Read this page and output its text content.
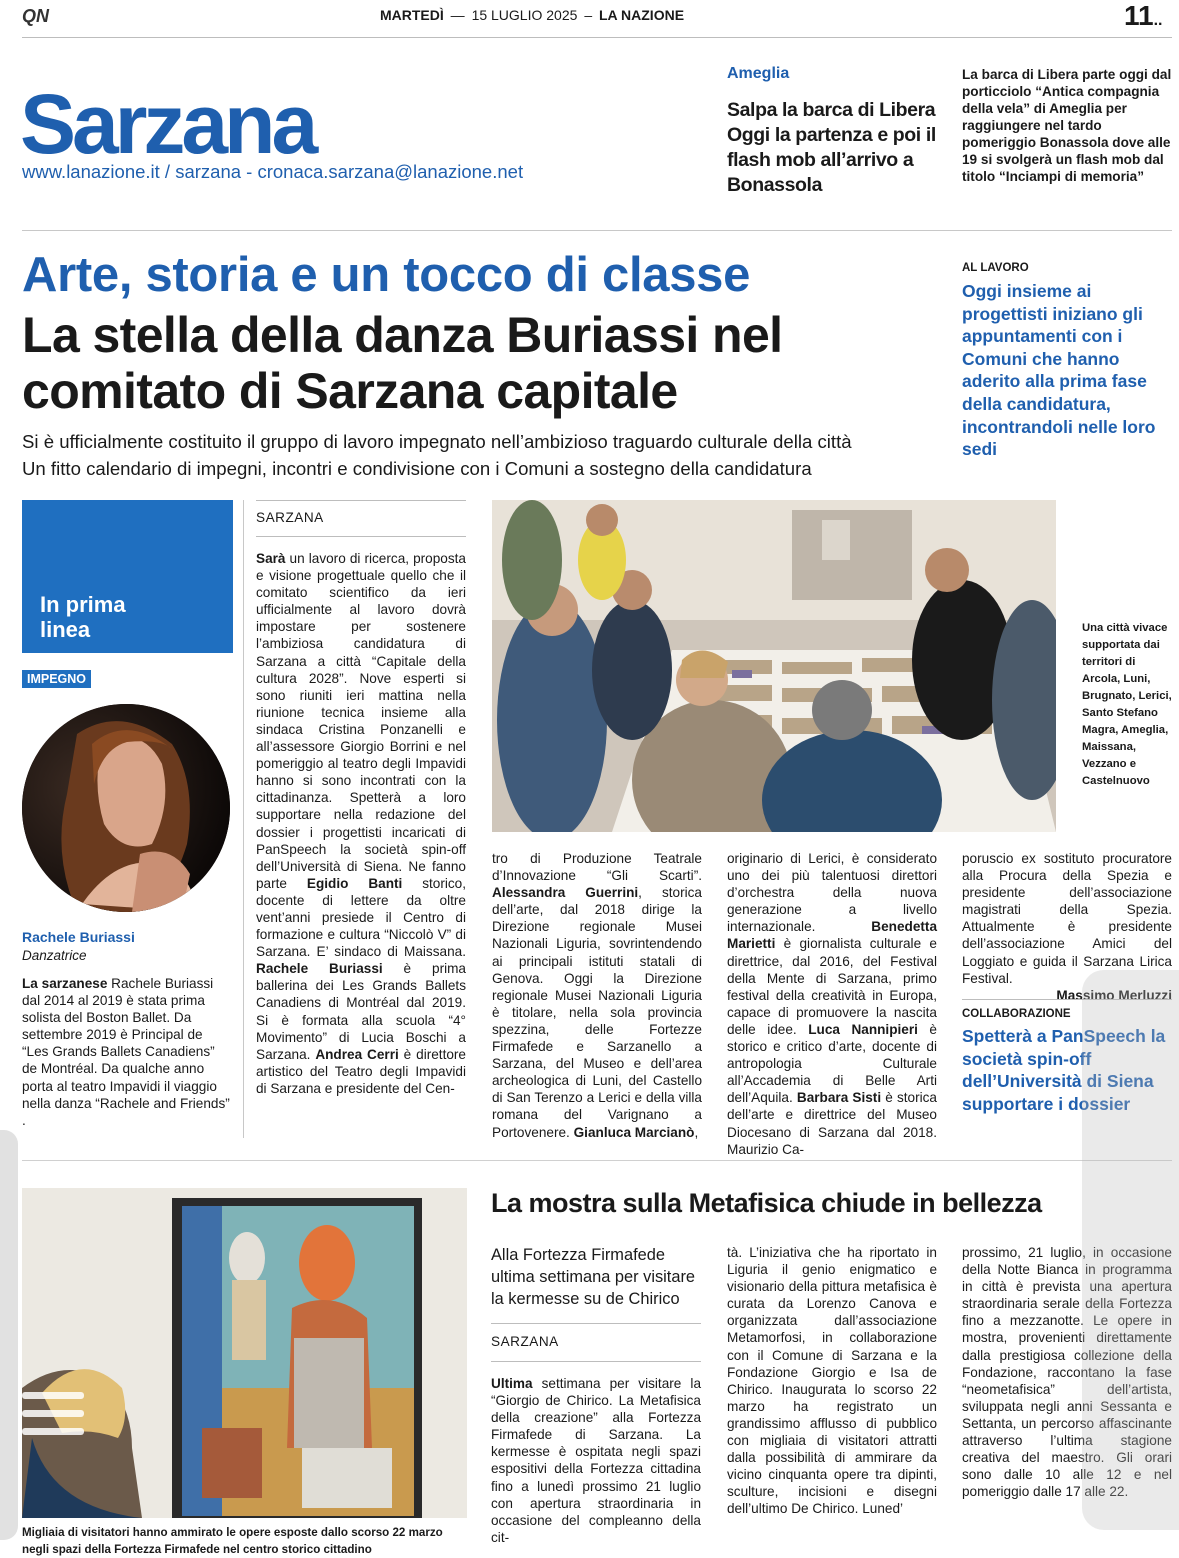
QN	MARTEDÌ — 15 LUGLIO 2025 – LA NAZIONE	11..
Sarzana
www.lanazione.it / sarzana - cronaca.sarzana@lanazione.net
Ameglia
Salpa la barca di Libera Oggi la partenza e poi il flash mob all’arrivo a Bonassola
La barca di Libera parte oggi dal porticciolo “Antica compagnia della vela” di Ameglia per raggiungere nel tardo pomeriggio Bonassola dove alle 19 si svolgerà un flash mob dal titolo “Inciampi di memoria”
Arte, storia e un tocco di classe
La stella della danza Buriassi nel comitato di Sarzana capitale
Si è ufficialmente costituito il gruppo di lavoro impegnato nell’ambizioso traguardo culturale della città
Un fitto calendario di impegni, incontri e condivisione con i Comuni a sostegno della candidatura
AL LAVORO
Oggi insieme ai progettisti iniziano gli appuntamenti con i Comuni che hanno aderito alla prima fase della candidatura, incontrandoli nelle loro sedi
In prima linea
IMPEGNO
Rachele Buriassi
Danzatrice
La sarzanese Rachele Buriassi dal 2014 al 2019 è stata prima solista del Boston Ballet. Da settembre 2019 è Principal de “Les Grands Ballets Canadiens” de Montréal. Da qualche anno porta al teatro Impavidi il viaggio nella danza “Rachele and Friends” .
SARZANA
Sarà un lavoro di ricerca, proposta e visione progettuale quello che il comitato scientifico da ieri ufficialmente al lavoro dovrà impostare per sostenere l’ambiziosa candidatura di Sarzana a città “Capitale della cultura 2028”. Nove esperti si sono riuniti ieri mattina nella riunione tecnica insieme alla sindaca Cristina Ponzanelli e all’assessore Giorgio Borrini e nel pomeriggio al teatro degli Impavidi hanno si sono incontrati con la cittadinanza. Spetterà a loro supportare nella redazione del dossier i progettisti incaricati di PanSpeech la società spin-off dell’Università di Siena. Ne fanno parte Egidio Banti storico, docente di lettere da oltre vent’anni presiede il Centro di formazione e cultura “Niccolò V” di Sarzana. E’ sindaco di Maissana. Rachele Buriassi è prima ballerina dei Les Grands Ballets Canadiens di Montréal dal 2019. Si è formata alla scuola “4° Movimento” di Lucia Boschi a Sarzana. Andrea Cerri è direttore artistico del Teatro degli Impavidi di Sarzana e presidente del Cen-
Una città vivace supportata dai territori di Arcola, Luni, Brugnato, Lerici, Santo Stefano Magra, Ameglia, Maissana, Vezzano e Castelnuovo
tro di Produzione Teatrale d’Innovazione “Gli Scarti”. Alessandra Guerrini, storica dell’arte, dal 2018 dirige la Direzione regionale Musei Nazionali Liguria, sovrintendendo ai principali istituti statali di Genova. Oggi la Direzione regionale Musei Nazionali Liguria è titolare, nella sola provincia spezzina, delle Fortezze Firmafede e Sarzanello a Sarzana, del Museo e dell’area archeologica di Luni, del Castello di San Terenzo a Lerici e della villa romana del Varignano a Portovenere. Gianluca Marcianò,
originario di Lerici, è considerato uno dei più talentuosi direttori d’orchestra della nuova generazione a livello internazionale. Benedetta Marietti è giornalista culturale e direttrice, dal 2016, del Festival della Mente di Sarzana, primo festival della creatività in Europa, capace di promuovere la nascita delle idee. Luca Nannipieri è storico e critico d’arte, docente di antropologia Culturale all’Accademia di Belle Arti dell’Aquila. Barbara Sisti è storica dell’arte e direttrice del Museo Diocesano di Sarzana dal 2018. Maurizio Ca-
poruscio ex sostituto procuratore alla Procura della Spezia e presidente dell’associazione magistrati della Spezia. Attualmente è presidente dell’associazione Amici del Loggiato e guida il Sarzana Lirica Festival.
Massimo Merluzzi
COLLABORAZIONE
Spetterà a PanSpeech la società spin-off dell’Università di Siena supportare i dossier
Migliaia di visitatori hanno ammirato le opere esposte dallo scorso 22 marzo negli spazi della Fortezza Firmafede nel centro storico cittadino
La mostra sulla Metafisica chiude in bellezza
Alla Fortezza Firmafede ultima settimana per visitare la kermesse su de Chirico
SARZANA
Ultima settimana per visitare la “Giorgio de Chirico. La Metafisica della creazione” alla Fortezza Firmafede di Sarzana. La kermesse è ospitata negli spazi espositivi della Fortezza cittadina fino a lunedì prossimo 21 luglio con apertura straordinaria in occasione del compleanno della cit-
tà. L’iniziativa che ha riportato in Liguria il genio enigmatico e visionario della pittura metafisica è curata da Lorenzo Canova e organizzata dall’associazione Metamorfosi, in collaborazione con il Comune di Sarzana e la Fondazione Giorgio e Isa de Chirico. Inaugurata lo scorso 22 marzo ha registrato un grandissimo afflusso di pubblico con migliaia di visitatori attratti dalla possibilità di ammirare da vicino cinquanta opere tra dipinti, sculture, incisioni e disegni dell’ultimo De Chirico. Luned’
prossimo, 21 luglio, in occasione della Notte Bianca in programma in città è prevista una apertura straordinaria serale della Fortezza fino a mezzanotte. Le opere in mostra, provenienti direttamente dalla prestigiosa collezione della Fondazione, raccontano la fase “neometafisica” dell’artista, sviluppata negli anni Sessanta e Settanta, un percorso affascinante attraverso l’ultima stagione creativa del maestro. Gli orari sono dalle 10 alle 12 e nel pomeriggio dalle 17 alle 22.
